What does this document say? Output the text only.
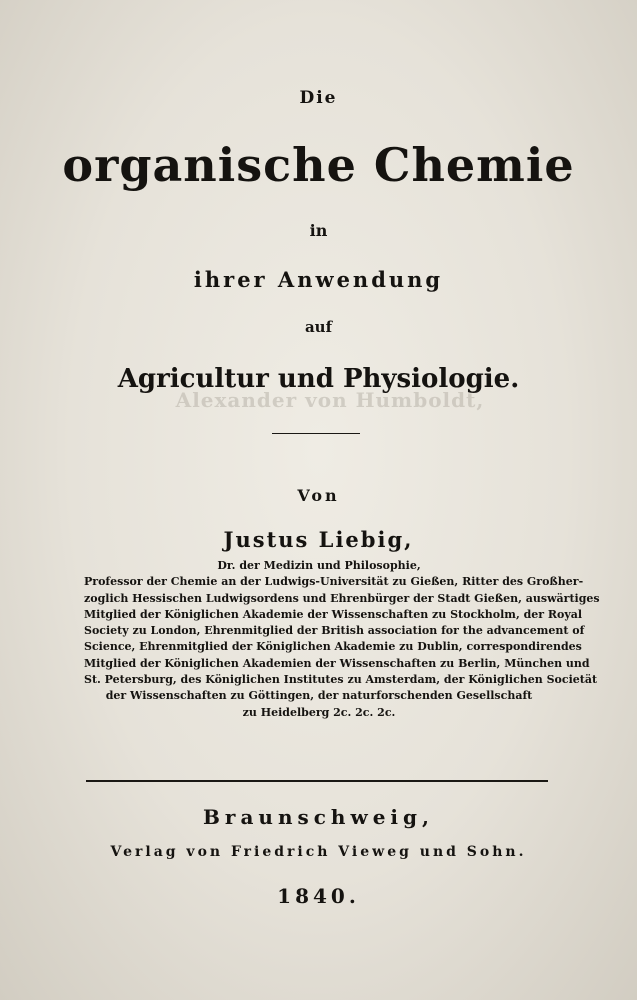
Alexander von Humboldt,
Die
organische Chemie
in
ihrer Anwendung
auf
Agricultur und Physiologie.
Von
Justus Liebig,
Dr. der Medizin und Philosophie,
Professor der Chemie an der Ludwigs-Universität zu Gießen, Ritter des Großher-
zoglich Hessischen Ludwigsordens und Ehrenbürger der Stadt Gießen, auswärtiges
Mitglied der Königlichen Akademie der Wissenschaften zu Stockholm, der Royal
Society zu London, Ehrenmitglied der British association for the advancement of
Science, Ehrenmitglied der Königlichen Akademie zu Dublin, correspondirendes
Mitglied der Königlichen Akademien der Wissenschaften zu Berlin, München und
St. Petersburg, des Königlichen Institutes zu Amsterdam, der Königlichen Societät
der Wissenschaften zu Göttingen, der naturforschenden Gesellschaft
zu Heidelberg 2c. 2c. 2c.
Braunschweig,
Verlag von Friedrich Vieweg und Sohn.
1840.
